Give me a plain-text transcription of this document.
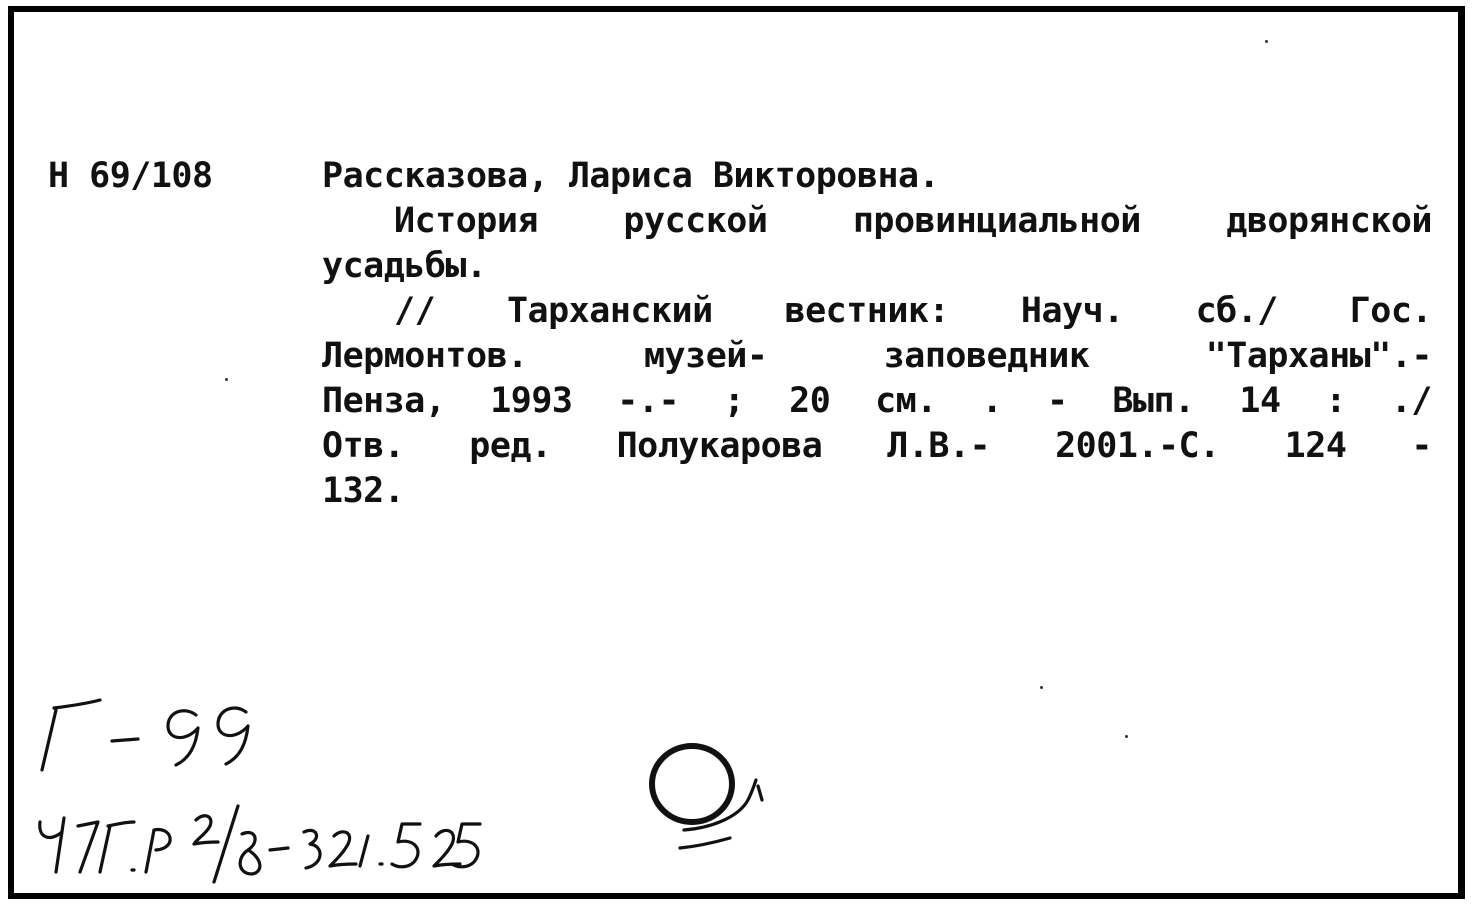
Н 69/108	Рассказова, Лариса Викторовна.
История русской провинциальной дворянской
усадьбы.
// Тарханский вестник: Науч. сб./ Гос.
Лермонтов.	музей-	заповедник	"Тарханы".-
Пенза, 1993 -.- ; 20 см. . - Вып. 14 : ./
Отв. ред. Полукарова Л.В.- 2001.-С. 124 -
132.
